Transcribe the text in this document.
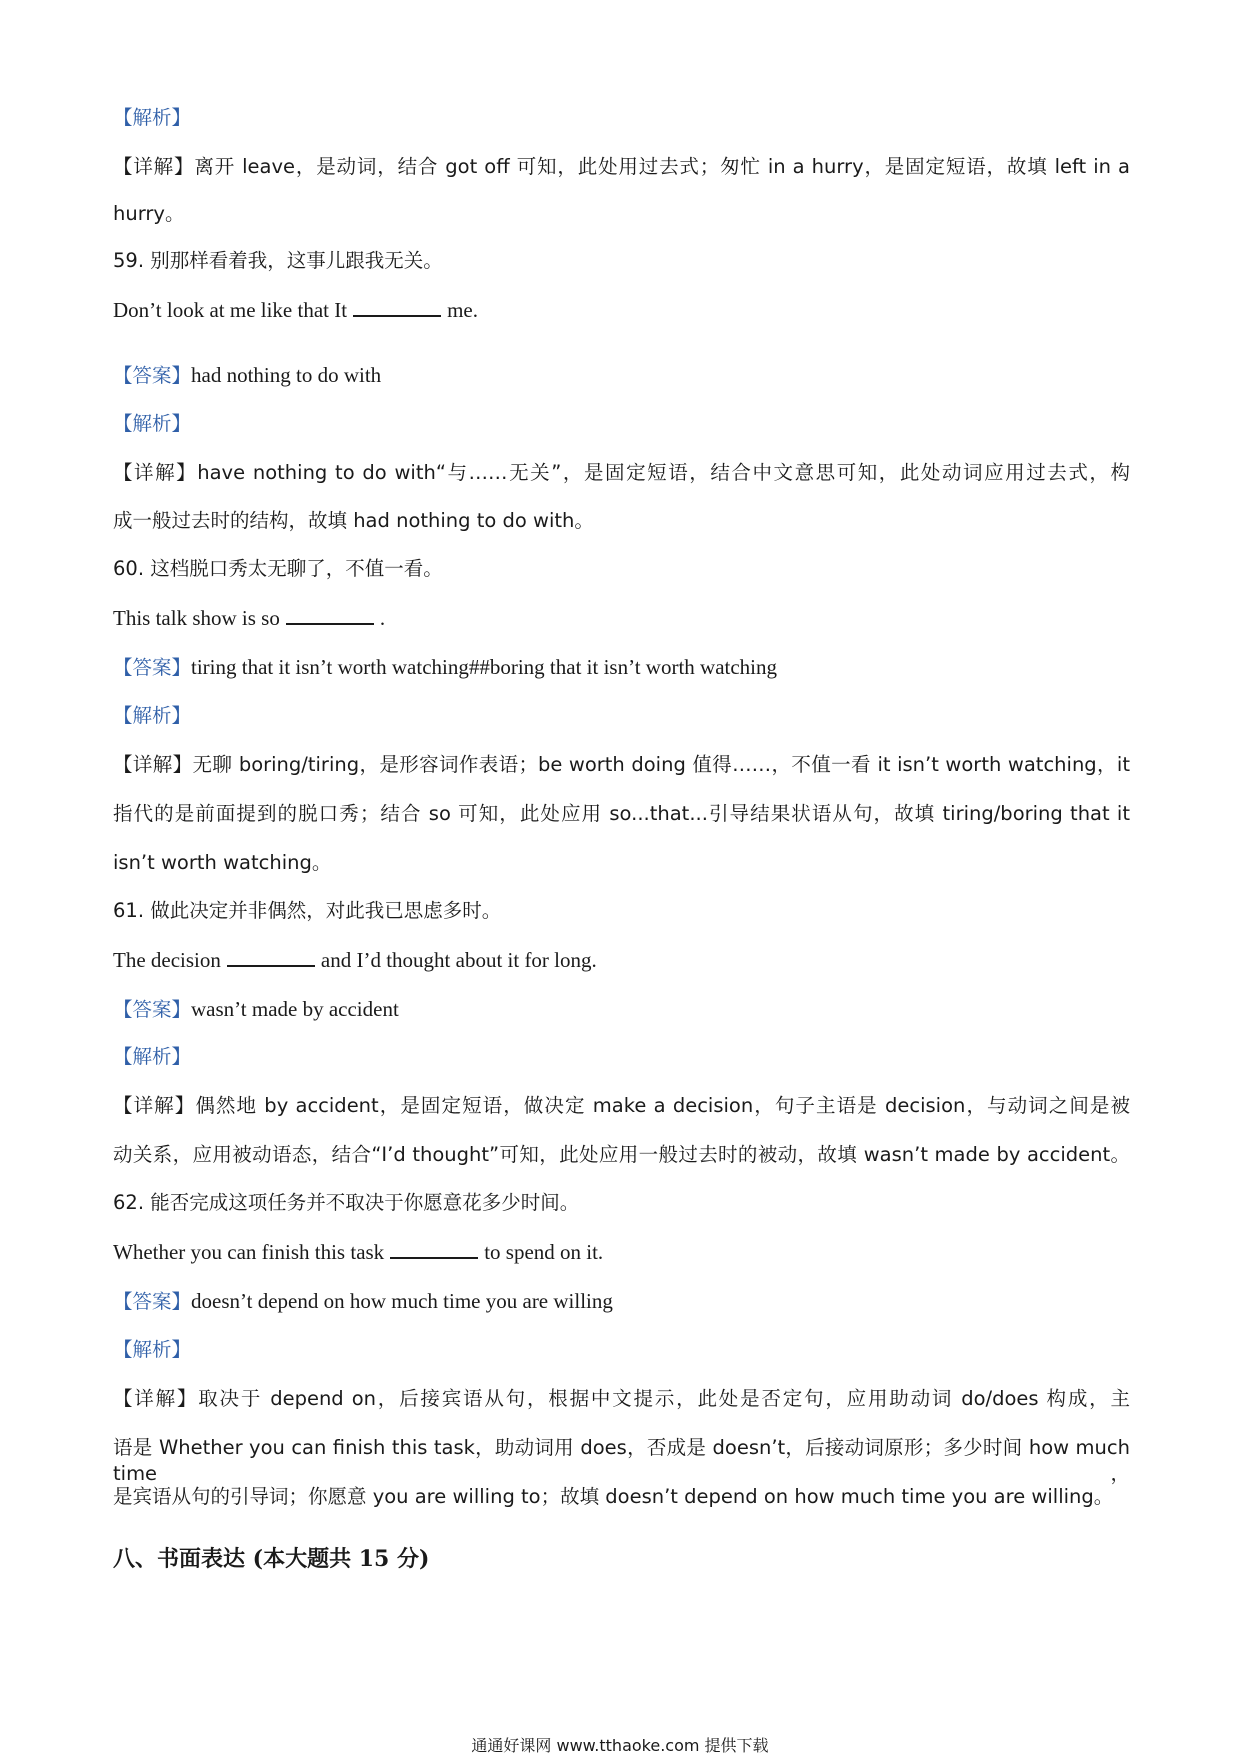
【解析】
【详解】离开 leave，是动词，结合 got off 可知，此处用过去式；匆忙 in a hurry，是固定短语，故填 left in a
hurry。
59. 别那样看着我，这事儿跟我无关。
Don’t look at me like that It	me.
【答案】had nothing to do with
【解析】
【详解】have nothing to do with“与……无关”，是固定短语，结合中文意思可知，此处动词应用过去式，构
成一般过去时的结构，故填 had nothing to do with。
60. 这档脱口秀太无聊了，不值一看。
This talk show is so	.
【答案】tiring that it isn’t worth watching##boring that it isn’t worth watching
【解析】
【详解】无聊 boring/tiring，是形容词作表语；be worth doing 值得……，不值一看 it isn’t worth watching，it
指代的是前面提到的脱口秀；结合 so 可知，此处应用 so...that...引导结果状语从句，故填 tiring/boring that it
isn’t worth watching。
61. 做此决定并非偶然，对此我已思虑多时。
The decision	and I’d thought about it for long.
【答案】wasn’t made by accident
【解析】
【详解】偶然地 by accident，是固定短语，做决定 make a decision，句子主语是 decision，与动词之间是被
动关系，应用被动语态，结合“I’d thought”可知，此处应用一般过去时的被动，故填 wasn’t made by accident。
62. 能否完成这项任务并不取决于你愿意花多少时间。
Whether you can finish this task	to spend on it.
【答案】doesn’t depend on how much time you are willing
【解析】
【详解】取决于 depend on，后接宾语从句，根据中文提示，此处是否定句，应用助动词 do/does 构成，主
语是 Whether you can finish this task，助动词用 does，否成是 doesn’t，后接动词原形；多少时间 how much time，
是宾语从句的引导词；你愿意 you are willing to；故填 doesn’t depend on how much time you are willing。
八、书面表达 (本大题共 15 分)
通通好课网 www.tthaoke.com 提供下载
